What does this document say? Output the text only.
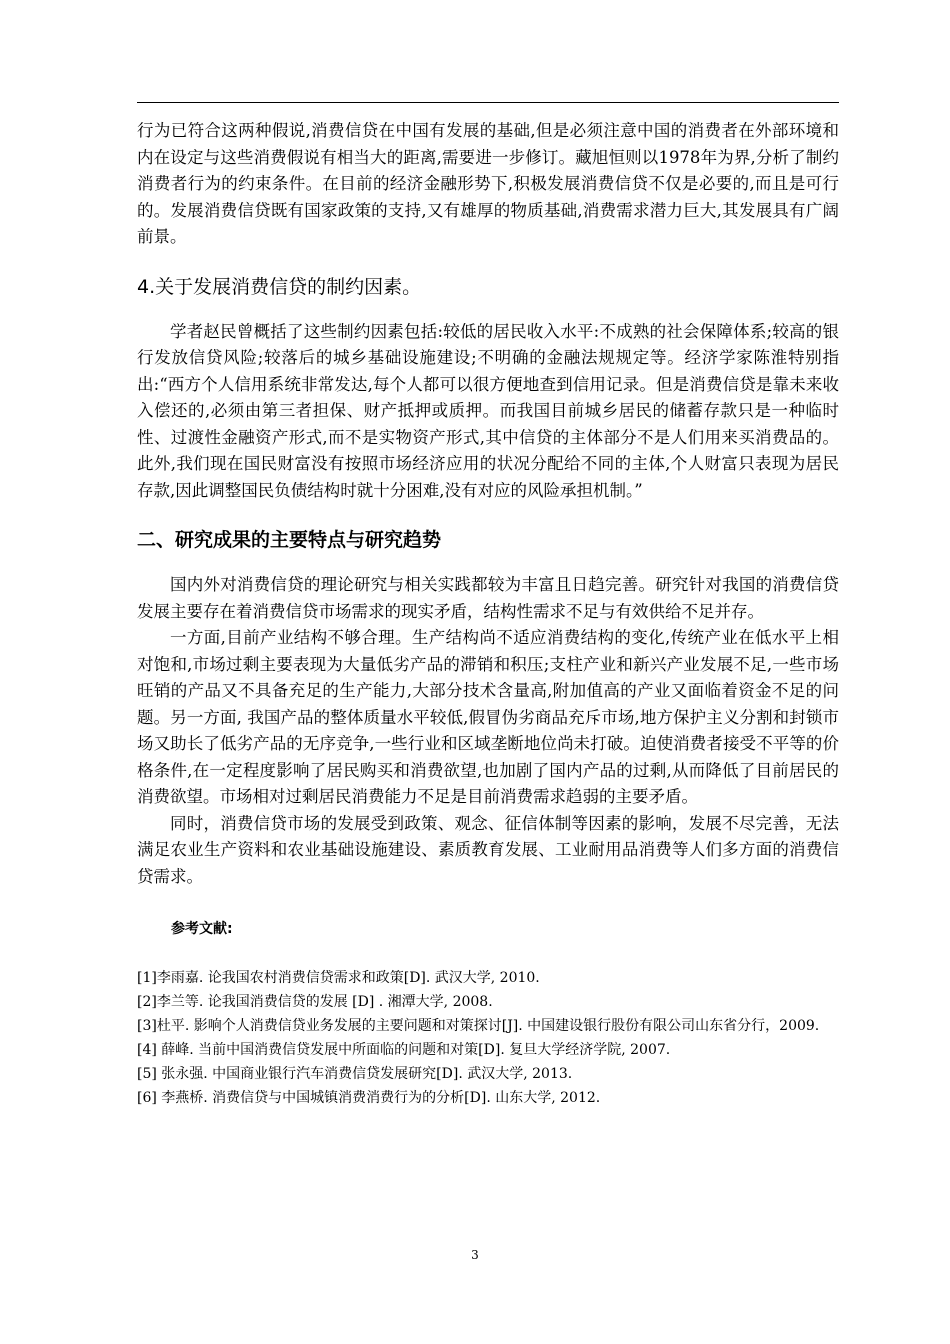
行为已符合这两种假说,消费信贷在中国有发展的基础,但是必须注意中国的消费者在外部环境和内在设定与这些消费假说有相当大的距离,需要进一步修订。藏旭恒则以1978年为界,分析了制约消费者行为的约束条件。在目前的经济金融形势下,积极发展消费信贷不仅是必要的,而且是可行的。发展消费信贷既有国家政策的支持,又有雄厚的物质基础,消费需求潜力巨大,其发展具有广阔前景。

4.关于发展消费信贷的制约因素。

学者赵民曾概括了这些制约因素包括:较低的居民收入水平:不成熟的社会保障体系;较高的银行发放信贷风险;较落后的城乡基础设施建设;不明确的金融法规规定等。经济学家陈淮特别指出:“西方个人信用系统非常发达,每个人都可以很方便地查到信用记录。但是消费信贷是靠未来收入偿还的,必须由第三者担保、财产抵押或质押。而我国目前城乡居民的储蓄存款只是一种临时性、过渡性金融资产形式,而不是实物资产形式,其中信贷的主体部分不是人们用来买消费品的。此外,我们现在国民财富没有按照市场经济应用的状况分配给不同的主体,个人财富只表现为居民存款,因此调整国民负债结构时就十分困难,没有对应的风险承担机制。”

二、研究成果的主要特点与研究趋势

国内外对消费信贷的理论研究与相关实践都较为丰富且日趋完善。研究针对我国的消费信贷发展主要存在着消费信贷市场需求的现实矛盾，结构性需求不足与有效供给不足并存。

一方面,目前产业结构不够合理。生产结构尚不适应消费结构的变化,传统产业在低水平上相对饱和,市场过剩主要表现为大量低劣产品的滞销和积压;支柱产业和新兴产业发展不足,一些市场旺销的产品又不具备充足的生产能力,大部分技术含量高,附加值高的产业又面临着资金不足的问题。另一方面, 我国产品的整体质量水平较低,假冒伪劣商品充斥市场,地方保护主义分割和封锁市场又助长了低劣产品的无序竞争,一些行业和区域垄断地位尚未打破。迫使消费者接受不平等的价格条件,在一定程度影响了居民购买和消费欲望,也加剧了国内产品的过剩,从而降低了目前居民的消费欲望。市场相对过剩居民消费能力不足是目前消费需求趋弱的主要矛盾。

同时，消费信贷市场的发展受到政策、观念、征信体制等因素的影响，发展不尽完善，无法满足农业生产资料和农业基础设施建设、素质教育发展、工业耐用品消费等人们多方面的消费信贷需求。

参考文献:

[1]李雨嘉. 论我国农村消费信贷需求和政策[D]. 武汉大学, 2010.

[2]李兰等. 论我国消费信贷的发展 [D] . 湘潭大学, 2008.

[3]杜平. 影响个人消费信贷业务发展的主要问题和对策探讨[J]. 中国建设银行股份有限公司山东省分行，2009.

[4] 薛峰. 当前中国消费信贷发展中所面临的问题和对策[D]. 复旦大学经济学院, 2007.

[5] 张永强. 中国商业银行汽车消费信贷发展研究[D]. 武汉大学, 2013.

[6] 李燕桥. 消费信贷与中国城镇消费消费行为的分析[D]. 山东大学, 2012.

3
